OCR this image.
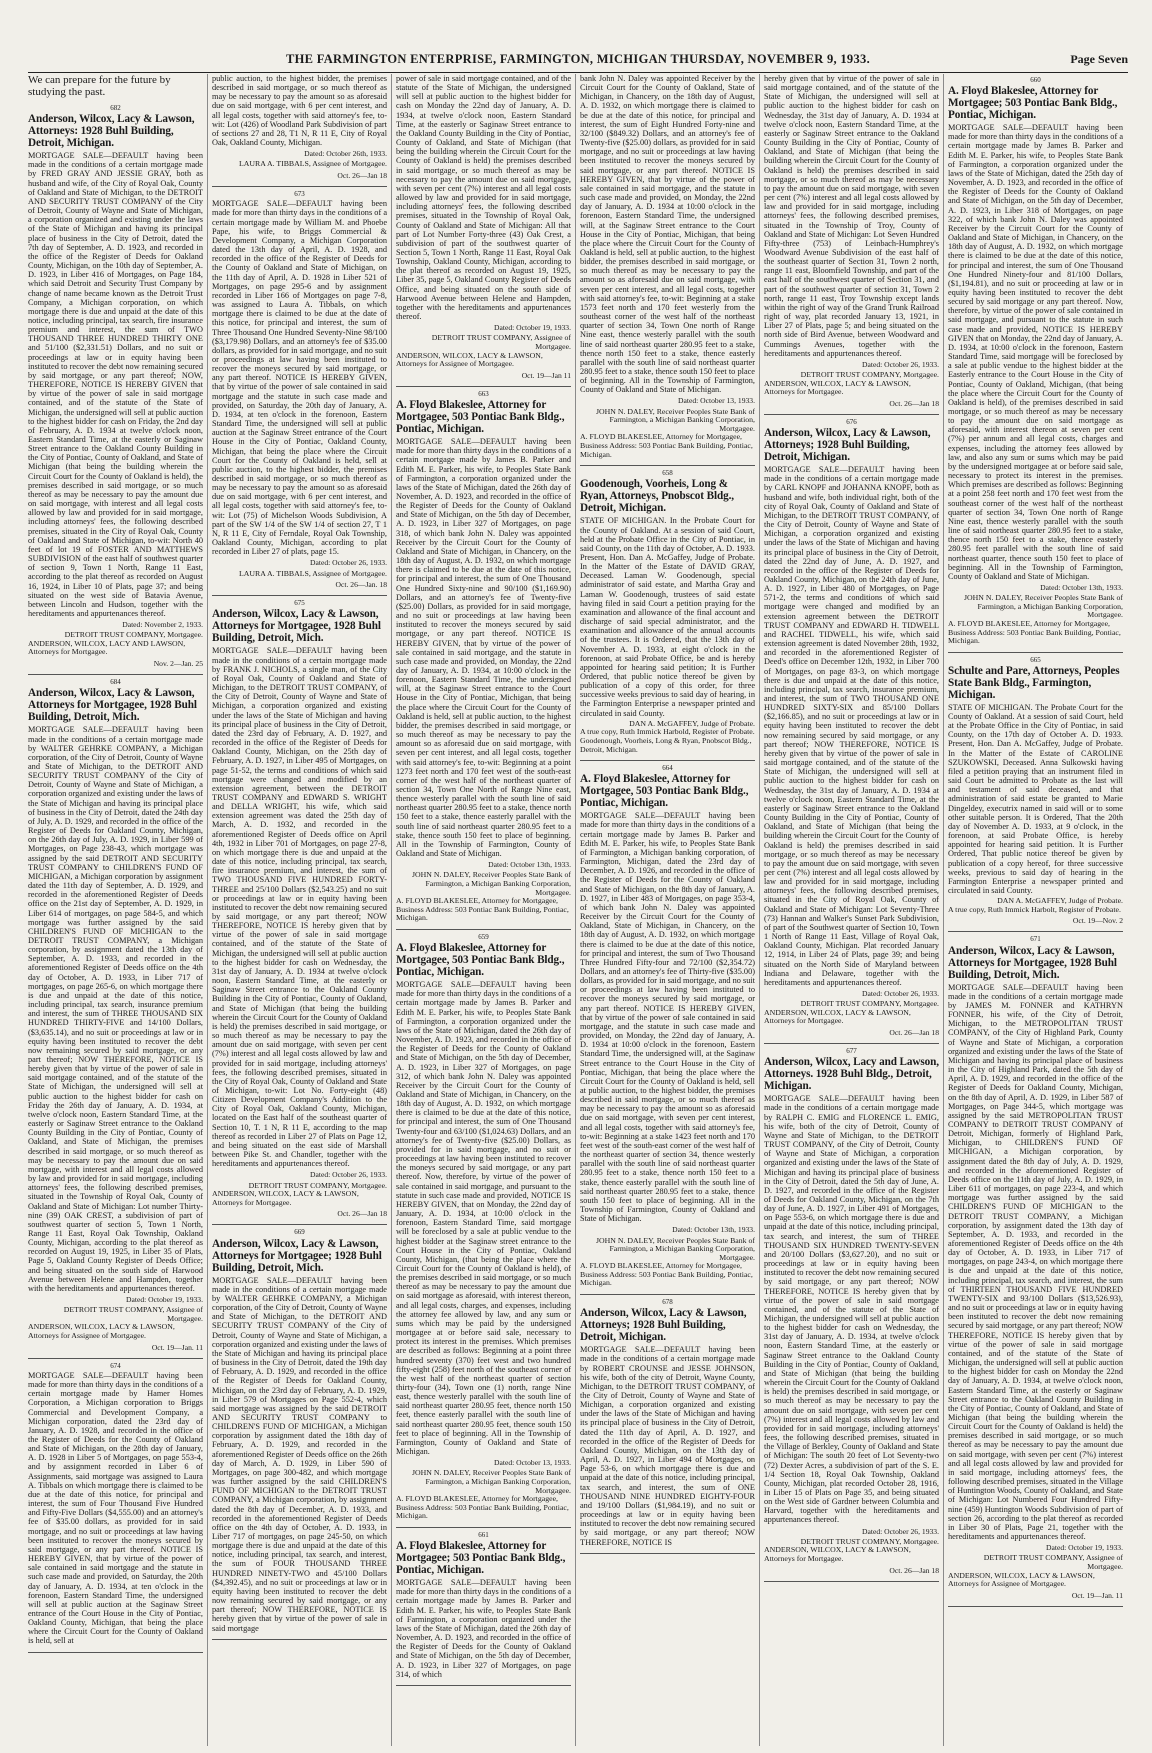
THE FARMINGTON ENTERPRISE, FARMINGTON, MICHIGAN THURSDAY, NOVEMBER 9, 1933.	Page Seven
We can prepare for the future by studying the past.
682
Anderson, Wilcox, Lacy & Lawson, Attorneys: 1928 Buhl Building, Detroit, Michigan.
MORTGAGE SALE—DEFAULT having been made in the conditions of a certain mortgage made by FRED GRAY AND JESSIE GRAY, both as husband and wife, of the City of Royal Oak, County of Oakland and State of Michigan, to the DETROIT AND SECURITY TRUST COMPANY of the City of Detroit, County of Wayne and State of Michigan, a corporation organized and existing under the laws of the State of Michigan and having its principal place of business in the City of Detroit, dated the 7th day of September, A. D. 1923, and recorded in the office of the Register of Deeds for Oakland County, Michigan, on the 10th day of September, A. D. 1923, in Liber 416 of Mortgages, on Page 184, which said Detroit and Security Trust Company by change of name became known as the Detroit Trust Company, a Michigan corporation, on which mortgage there is due and unpaid at the date of this notice, including principal, tax search, fire insurance premium and interest, the sum of TWO THOUSAND THREE HUNDRED THIRTY ONE and 51/100 ($2,331.51) Dollars, and no suit or proceedings at law or in equity having been instituted to recover the debt now remaining secured by said mortgage, or any part thereof; NOW, THEREFORE, NOTICE IS HEREBY GIVEN that by virtue of the power of sale in said mortgage contained, and of the statute of the State of Michigan, the undersigned will sell at public auction to the highest bidder for cash on Friday, the 2nd day of February, A. D. 1934 at twelve o'clock noon, Eastern Standard Time, at the easterly or Saginaw Street entrance to the Oakland County Building in the City of Pontiac, County of Oakland, and State of Michigan (that being the building wherein the Circuit Court for the County of Oakland is held), the premises described in said mortgage, or so much thereof as may be necessary to pay the amount due on said mortgage, with interest and all legal costs allowed by law and provided for in said mortgage, including attorneys' fees, the following described premises, situated in the City of Royal Oak, County of Oakland and State of Michigan, to-wit: North 40 feet of lot 19 of FOSTER AND MATTHEWS SUBDIVISION of the east half of southwest quarter of section 9, Town 1 North, Range 11 East, according to the plat thereof as recorded on August 16, 1924, in Liber 10 of Plats, page 37; and being situated on the west side of Batavia Avenue, between Lincoln and Hudson, together with the hereditaments and appurtenances thereof.
Dated: November 2, 1933.
DETROIT TRUST COMPANY, Mortgagee.
ANDERSON, WILCOX, LACY AND LAWSON, Attorneys for Mortgagee.
Nov. 2—Jan. 25
684
Anderson, Wilcox, Lacy & Lawson, Attorneys for Mortgagee, 1928 Buhl Building, Detroit, Mich.
MORTGAGE SALE—DEFAULT having been made in the conditions of a certain mortgage made by WALTER GEHRKE COMPANY, a Michigan corporation, of the City of Detroit, County of Wayne and State of Michigan, to the DETROIT AND SECURITY TRUST COMPANY of the City of Detroit, County of Wayne and State of Michigan, a corporation organized and existing under the laws of the State of Michigan and having its principal place of business in the City of Detroit, dated the 24th day of July, A. D. 1929, and recorded in the office of the Register of Deeds for Oakland County, Michigan, on the 26th day of July, A. D. 1929, in Liber 599 of Mortgages, on Page 238-43, which mortgage was assigned by the said DETROIT AND SECURITY TRUST COMPANY to CHILDREN'S FUND OF MICHIGAN, a Michigan corporation by assignment dated the 11th day of September, A. D. 1929, and recorded in the aforementioned Register of Deeds office on the 21st day of September, A. D. 1929, in Liber 614 of mortgages, on page 584-5, and which mortgage was further assigned by the said CHILDREN'S FUND OF MICHIGAN to the DETROIT TRUST COMPANY, a Michigan corporation, by assignment dated the 13th day of September, A. D. 1933, and recorded in the aforementioned Register of Deeds office on the 4th day of October, A. D. 1933, in Liber 717 of mortgages, on page 265-6, on which mortgage there is due and unpaid at the date of this notice, including principal, tax search, insurance premium and interest, the sum of THREE THOUSAND SIX HUNDRED THIRTY-FIVE and 14/100 Dollars, ($3,635.14), and no suit or proceedings at law or in equity having been instituted to recover the debt now remaining secured by said mortgage, or any part thereof; NOW THEREFORE, NOTICE IS hereby given that by virtue of the power of sale in said mortgage contained, and of the statute of the State of Michigan, the undersigned will sell at public auction to the highest bidder for cash on Friday the 26th day of January, A. D. 1934, at twelve o'clock noon, Eastern Standard Time, at the easterly or Saginaw Street entrance to the Oakland County Building in the City of Pontiac, County of Oakland, and State of Michigan, the premises described in said mortgage, or so much thereof as may be necessary to pay the amount due on said mortgage, with interest and all legal costs allowed by law and provided for in said mortgage, including attorneys' fees, the following described premises, situated in the Township of Royal Oak, County of Oakland and State of Michigan: Lot number Thirty-nine (39) OAK CREST, a subdivision of part of southwest quarter of section 5, Town 1 North, Range 11 East, Royal Oak Township, Oakland County, Michigan, according to the plat thereof as recorded on August 19, 1925, in Liber 35 of Plats, Page 5, Oakland County Register of Deeds Office; and being situated on the south side of Harwood Avenue between Helene and Hampden, together with the hereditaments and appurtenances thereof.
Dated: October 19, 1933.
DETROIT TRUST COMPANY, Assignee of Mortgagee.
ANDERSON, WILCOX, LACY & LAWSON, Attorneys for Assignee of Mortgagee.
Oct. 19—Jan. 11
674
MORTGAGE SALE—DEFAULT having been made for more than thirty days in the conditions of a certain mortgage made by Hamer Homes Corporation, a Michigan corporation to Briggs Commercial and Development Company, a Michigan corporation, dated the 23rd day of January, A. D. 1928, and recorded in the office of the Register of Deeds for the County of Oakland and State of Michigan, on the 28th day of January, A. D. 1928 in Liber 5 of Mortgages, on page 553-4, and by assignment recorded in Liber 6 of Assignments, said mortgage was assigned to Laura A. Tibbals on which mortgage there is claimed to be due at the date of this notice, for principal and interest, the sum of Four Thousand Five Hundred and Fifty-Five Dollars ($4,555.00) and an attorney's fee of $35.00 dollars, as provided for in said mortgage, and no suit or proceedings at law having been instituted to recover the moneys secured by said mortgage, or any part thereof. NOTICE IS HEREBY GIVEN, that by virtue of the power of sale contained in said mortgage and the statute in such case made and provided, on Saturday, the 20th day of January, A. D. 1934, at ten o'clock in the forenoon, Eastern Standard Time, the undersigned will sell at public auction at the Saginaw Street entrance of the Court House in the City of Pontiac, Oakland County, Michigan, that being the place where the Circuit Court for the County of Oakland is held, sell at
public auction, to the highest bidder, the premises described in said mortgage, or so much thereof as may be necessary to pay the amount so as aforesaid due on said mortgage, with 6 per cent interest, and all legal costs, together with said attorney's fee, to-wit: Lot (426) of Woodland Park Subdivision of part of sections 27 and 28, T1 N, R 11 E, City of Royal Oak, Oakland County, Michigan.
Dated: October 26th, 1933.
LAURA A. TIBBALS, Assignee of Mortgagee.
Oct. 26—Jan 18
673
MORTGAGE SALE—DEFAULT having been made for more than thirty days in the conditions of a certain mortgage made by William M. and Phoebe Pape, his wife, to Briggs Commercial & Development Company, a Michigan Corporation dated the 13th day of April, A. D. 1928, and recorded in the office of the Register of Deeds for the County of Oakland and State of Michigan, on the 11th day of April, A. D. 1928 in Liber 521 of Mortgages, on page 295-6 and by assignment recorded in Liber 166 of Mortgages on page 7-8, was assigned to Laura A. Tibbals, on which mortgage there is claimed to be due at the date of this notice, for principal and interest, the sum of Three Thousand One Hundred Seventy-Nine 98/100 ($3,179.98) Dollars, and an attorney's fee of $35.00 dollars, as provided for in said mortgage, and no suit or proceedings at law having been instituted to recover the moneys secured by said mortgage, or any part thereof. NOTICE IS HEREBY GIVEN, that by virtue of the power of sale contained in said mortgage and the statute in such case made and provided, on Saturday, the 20th day of January, A. D. 1934, at ten o'clock in the forenoon, Eastern Standard Time, the undersigned will sell at public auction at the Saginaw Street entrance of the Court House in the City of Pontiac, Oakland County, Michigan, that being the place where the Circuit Court for the County of Oakland is held, sell at public auction, to the highest bidder, the premises described in said mortgage, or so much thereof as may be necessary to pay the amount so as aforesaid due on said mortgage, with 6 per cent interest, and all legal costs, together with said attorney's fee, to-wit: Lot (75) of Michelson Woods Subdivision, A part of the SW 1/4 of the SW 1/4 of section 27, T 1 N, R 11 E, City of Ferndale, Royal Oak Township, Oakland County, Michigan, according to plat recorded in Liber 27 of plats, page 15.
Dated: October 26, 1933.
LAURA A. TIBBALS, Assignee of Mortgagee.
Oct. 26—Jan. 18
675
Anderson, Wilcox, Lacy & Lawson, Attorneys for Mortgagee, 1928 Buhl Building, Detroit, Mich.
MORTGAGE SALE—DEFAULT having been made in the conditions of a certain mortgage made by FRANK J. NICHOLS, a single man, of the City of Royal Oak, County of Oakland and State of Michigan, to the DETROIT TRUST COMPANY, of the City of Detroit, County of Wayne and State of Michigan, a corporation organized and existing under the laws of the State of Michigan and having its principal place of business in the City of Detroit, dated the 23rd day of February, A. D. 1927, and recorded in the office of the Register of Deeds for Oakland County, Michigan, on the 25th day of February, A. D. 1927, in Liber 495 of Mortgages, on page 51-52, the terms and conditions of which said mortgage were changed and modified by an extension agreement, between the DETROIT TRUST COMPANY and EDWARD S. WRIGHT and DELLA WRIGHT, his wife, which said extension agreement was dated the 25th day of March, A. D. 1932, and recorded in the aforementioned Register of Deeds office on April 4th, 1932 in Liber 701 of Mortgages, on page 27-8, on which mortgage there is due and unpaid at the date of this notice, including principal, tax search, fire insurance premium, and interest, the sum of TWO THOUSAND FIVE HUNDRED FORTY-THREE and 25/100 Dollars ($2,543.25) and no suit or proceedings at law or in equity having been instituted to recover the debt now remaining secured by said mortgage, or any part thereof; NOW THEREFORE, NOTICE IS hereby given that by virtue of the power of sale in said mortgage contained, and of the statute of the State of Michigan, the undersigned will sell at public auction to the highest bidder for cash on Wednesday, the 31st day of January, A. D. 1934 at twelve o'clock noon, Eastern Standard Time, at the easterly or Saginaw Street entrance to the Oakland County Building in the City of Pontiac, County of Oakland, and State of Michigan (that being the building wherein the Circuit Court for the County of Oakland is held) the premises described in said mortgage, or so much thereof as may be necessary to pay the amount due on said mortgage, with seven per cent (7%) interest and all legal costs allowed by law and provided for in said mortgage, including attorneys' fees, the following described premises, situated in the City of Royal Oak, County of Oakland and State of Michigan, to-wit: Lot No. Forty-eight (48) Citizen Development Company's Addition to the City of Royal Oak, Oakland County, Michigan, located on the East half of the southeast quarter of Section 10, T. 1 N, R 11 E, according to the map thereof as recorded in Liber 27 of Plats on Page 12, and being situated on the east side of Marshall between Pike St. and Chandler, together with the hereditaments and appurtenances thereof.
Dated: October 26, 1933.
DETROIT TRUST COMPANY, Mortgagee.
ANDERSON, WILCOX, LACY & LAWSON, Attorneys for Mortgagee.
Oct. 26—Jan 18
669
Anderson, Wilcox, Lacy & Lawson, Attorneys for Mortgagee; 1928 Buhl Building, Detroit, Mich.
MORTGAGE SALE—DEFAULT having been made in the conditions of a certain mortgage made by WALTER GEHRKE COMPANY, a Michigan corporation, of the City of Detroit, County of Wayne and State of Michigan, to the DETROIT AND SECURITY TRUST COMPANY of the City of Detroit, County of Wayne and State of Michigan, a corporation organized and existing under the laws of the State of Michigan and having its principal place of business in the City of Detroit, dated the 19th day of February, A. D. 1929, and recorded in the office of the Register of Deeds for Oakland County, Michigan, on the 23rd day of February, A. D. 1929, in Liber 579 of Mortgages on Page 552-4, which said mortgage was assigned by the said DETROIT AND SECURITY TRUST COMPANY to CHILDREN'S FUND OF MICHIGAN, a Michigan corporation by assignment dated the 18th day of February, A. D. 1929, and recorded in the aforementioned Register of Deeds office on the 26th day of March, A. D. 1929, in Liber 590 of Mortgages, on page 300-482, and which mortgage was further assigned by the said CHILDREN'S FUND OF MICHIGAN to the DETROIT TRUST COMPANY, a Michigan corporation, by assignment dated the 8th day of December, A. D. 1933, and recorded in the aforementioned Register of Deeds office on the 4th day of October, A. D. 1933, in Liber 717 of mortgages, on page 245-50, on which mortgage there is due and unpaid at the date of this notice, including principal, tax search, and interest, the sum of FOUR THOUSAND THREE HUNDRED NINETY-TWO and 45/100 Dollars ($4,392.45), and no suit or proceedings at law or in equity having been instituted to recover the debt now remaining secured by said mortgage, or any part thereof; NOW THEREFORE, NOTICE IS hereby given that by virtue of the power of sale in said mortgage
power of sale in said mortgage contained, and of the statute of the State of Michigan, the undersigned will sell at public auction to the highest bidder for cash on Monday the 22nd day of January, A. D. 1934, at twelve o'clock noon, Eastern Standard Time, at the easterly or Saginaw Street entrance to the Oakland County Building in the City of Pontiac, County of Oakland, and State of Michigan (that being the building wherein the Circuit Court for the County of Oakland is held) the premises described in said mortgage, or so much thereof as may be necessary to pay the amount due on said mortgage, with seven per cent (7%) interest and all legal costs allowed by law and provided for in said mortgage, including attorneys' fees, the following described premises, situated in the Township of Royal Oak, County of Oakland and State of Michigan: All that part of Lot Number Forty-three (43) Oak Crest, a subdivision of part of the southwest quarter of Section 5, Town 1 North, Range 11 East, Royal Oak Township, Oakland County, Michigan, according to the plat thereof as recorded on August 19, 1925, Liber 35, page 5, Oakland County Register of Deeds Office, and being situated on the south side of Harwood Avenue between Helene and Hampden, together with the hereditaments and appurtenances thereof.
Dated: October 19, 1933.
DETROIT TRUST COMPANY, Assignee of Mortgagee.
ANDERSON, WILCOX, LACY & LAWSON, Attorneys for Assignee of Mortgagee.
Oct. 19—Jan 11
663
A. Floyd Blakeslee, Attorney for Mortgagee, 503 Pontiac Bank Bldg., Pontiac, Michigan.
MORTGAGE SALE—DEFAULT having been made for more than thirty days in the conditions of a certain mortgage made by James B. Parker and Edith M. E. Parker, his wife, to Peoples State Bank of Farmington, a corporation organized under the laws of the State of Michigan, dated the 26th day of November, A. D. 1923, and recorded in the office of the Register of Deeds for the County of Oakland and State of Michigan, on the 5th day of December, A. D. 1923, in Liber 327 of Mortgages, on page 318, of which bank John N. Daley was appointed Receiver by the Circuit Court for the County of Oakland and State of Michigan, in Chancery, on the 18th day of August, A. D. 1932, on which mortgage there is claimed to be due at the date of this notice, for principal and interest, the sum of One Thousand One Hundred Sixty-nine and 90/100 ($1,169.90) Dollars, and an attorney's fee of Twenty-five ($25.00) Dollars, as provided for in said mortgage, and no suit or proceedings at law having been instituted to recover the moneys secured by said mortgage, or any part thereof. NOTICE IS HEREBY GIVEN, that by virtue of the power of sale contained in said mortgage, and the statute in such case made and provided, on Monday, the 22nd day of January, A. D. 1934, at 10:00 o'clock in the forenoon, Eastern Standard Time, the undersigned will, at the Saginaw Street entrance to the Court House in the City of Pontiac, Michigan, that being the place where the Circuit Court for the County of Oakland is held, sell at public auction, to the highest bidder, the premises described in said mortgage, or so much thereof as may be necessary to pay the amount so as aforesaid due on said mortgage, with seven per cent interest, and all legal costs, together with said attorney's fee, to-wit: Beginning at a point 1273 feet north and 170 feet west of the south-east corner of the west half of the northeast quarter of section 34, Town One North of Range Nine east, thence westerly parallel with the south line of said northeast quarter 280.95 feet to a stake, thence north 150 feet to a stake, thence easterly parallel with the south line of said northeast quarter 280.95 feet to a stake, thence south 150 feet to place of beginning. All in the Township of Farmington, County of Oakland and State of Michigan.
Dated: October 13th, 1933.
JOHN N. DALEY, Receiver Peoples State Bank of Farmington, a Michigan Banking Corporation, Mortgagee.
A. FLOYD BLAKESLEE, Attorney for Mortgagee, Business Address: 503 Pontiac Bank Building, Pontiac, Michigan.
659
A. Floyd Blakeslee, Attorney for Mortgagee, 503 Pontiac Bank Bldg., Pontiac, Michigan.
MORTGAGE SALE—DEFAULT having been made for more than thirty days in the conditions of a certain mortgage made by James B. Parker and Edith M. E. Parker, his wife, to Peoples State Bank of Farmington, a corporation organized under the laws of the State of Michigan, dated the 26th day of November, A. D. 1923, and recorded in the office of the Register of Deeds for the County of Oakland and State of Michigan, on the 5th day of December, A. D. 1923, in Liber 327 of Mortgages, on page 312, of which bank John N. Daley was appointed Receiver by the Circuit Court for the County of Oakland and State of Michigan, in Chancery, on the 18th day of August, A. D. 1932, on which mortgage there is claimed to be due at the date of this notice, for principal and interest, the sum of One Thousand Twenty-four and 63/100 ($1,024.63) Dollars, and an attorney's fee of Twenty-five ($25.00) Dollars, as provided for in said mortgage, and no suit or proceedings at law having been instituted to recover the moneys secured by said mortgage, or any part thereof. Now, therefore, by virtue of the power of sale contained in said mortgage, and pursuant to the statute in such case made and provided, NOTICE IS HEREBY GIVEN, that on Monday, the 22nd day of January, A. D. 1934, at 10:00 o'clock in the forenoon, Eastern Standard Time, said mortgage will be foreclosed by a sale at public vendue to the highest bidder at the Saginaw street entrance to the Court House in the City of Pontiac, Oakland County, Michigan, (that being the place where the Circuit Court for the County of Oakland is held), of the premises described in said mortgage, or so much thereof as may be necessary to pay the amount due on said mortgage as aforesaid, with interest thereon, and all legal costs, charges, and expenses, including the attorney fee allowed by law, and any sum or sums which may be paid by the undersigned mortgagee at or before said sale, necessary to protect its interest in the premises. Which premises are described as follows: Beginning at a point three hundred seventy (370) feet west and two hundred fifty-eight (258) feet north of the southeast corner of the west half of the northeast quarter of section thirty-four (34), Town one (1) north, range Nine east, thence westerly parallel with the south line of said northeast quarter 280.95 feet, thence north 150 feet, thence easterly parallel with the south line of said northeast quarter 280.95 feet, thence south 150 feet to place of beginning. All in the Township of Farmington, County of Oakland and State of Michigan.
Dated: October 13, 1933.
JOHN N. DALEY, Receiver Peoples State Bank of Farmington, a Michigan Banking Corporation, Mortgagee.
A. FLOYD BLAKESLEE, Attorney for Mortgagee, Business Address: 503 Pontiac Bank Building, Pontiac, Michigan.
661
A. Floyd Blakeslee, Attorney for Mortgagee; 503 Pontiac Bank Bldg., Pontiac, Michigan.
MORTGAGE SALE—DEFAULT having been made for more than thirty days in the conditions of a certain mortgage made by James B. Parker and Edith M. E. Parker, his wife, to Peoples State Bank of Farmington, a corporation organized under the laws of the State of Michigan, dated the 26th day of November, A. D. 1923, and recorded in the office of the Register of Deeds for the County of Oakland and State of Michigan, on the 5th day of December, A. D. 1923, in Liber 327 of Mortgages, on page 314, of which
bank John N. Daley was appointed Receiver by the Circuit Court for the County of Oakland, State of Michigan, in Chancery, on the 18th day of August, A. D. 1932, on which mortgage there is claimed to be due at the date of this notice, for principal and interest, the sum of Eight Hundred Forty-nine and 32/100 ($849.32) Dollars, and an attorney's fee of Twenty-five ($25.00) dollars, as provided for in said mortgage, and no suit or proceedings at law having been instituted to recover the moneys secured by said mortgage, or any part thereof. NOTICE IS HEREBY GIVEN, that by virtue of the power of sale contained in said mortgage, and the statute in such case made and provided, on Monday, the 22nd day of January, A. D. 1934 at 10:00 o'clock in the forenoon, Eastern Standard Time, the undersigned will, at the Saginaw Street entrance to the Court House in the City of Pontiac, Michigan, that being the place where the Circuit Court for the County of Oakland is held, sell at public auction, to the highest bidder, the premises described in said mortgage, or so much thereof as may be necessary to pay the amount so as aforesaid due on said mortgage, with seven per cent interest, and all legal costs, together with said attorney's fee, to-wit: Beginning at a stake 1573 feet north and 170 feet westerly from the southeast corner of the west half of the northeast quarter of section 34, Town One north of Range Nine east, thence westerly parallel with the south line of said northeast quarter 280.95 feet to a stake, thence north 150 feet to a stake, thence easterly parallel with the south line of said northeast quarter 280.95 feet to a stake, thence south 150 feet to place of beginning. All in the Township of Farmington, County of Oakland and State of Michigan.
Dated: October 13, 1933.
JOHN N. DALEY, Receiver Peoples State Bank of Farmington, a Michigan Banking Corporation, Mortgagee.
A. FLOYD BLAKESLEE, Attorney for Mortgagee, Business Address: 503 Pontiac Bank Building, Pontiac, Michigan.
658
Goodenough, Voorheis, Long & Ryan, Attorneys, Pnobscot Bldg., Detroit, Michigan.
STATE OF MICHIGAN. In the Probate Court for the County of Oakland. At a session of said Court, held at the Probate Office in the City of Pontiac, in said County, on the 11th day of October, A. D. 1933. Present, Hon. Dan A. McGaffey, Judge of Probate. In the Matter of the Estate of DAVID GRAY, Deceased. Laman W. Goodenough, special administrator of said estate, and Martha Gray and Laman W. Goodenough, trustees of said estate having filed in said Court a petition praying for the examination and allowance of the final account and discharge of said special administrator, and the examination and allowance of the annual accounts of the trustees. It is Ordered, that the 13th day of November A. D. 1933, at eight o'clock in the forenoon, at said Probate Office, be and is hereby appointed for hearing said petition; It is Further Ordered, that public notice thereof be given by publication of a copy of this order, for three successive weeks previous to said day of hearing, in the Farmington Enterprise a newspaper printed and circulated in said County.
DAN A. McGAFFEY, Judge of Probate.
A true copy, Ruth Immick Harbold, Register of Probate. Goodenough, Voorheis, Long & Ryan, Pnobscot Bldg., Detroit, Michigan.
664
A. Floyd Blakeslee, Attorney for Mortgagee, 503 Pontiac Bank Bldg., Pontiac, Michigan.
MORTGAGE SALE—DEFAULT having been made for more than thirty days in the conditions of a certain mortgage made by James B. Parker and Edith M. E. Parker, his wife, to Peoples State Bank of Farmington, a Michigan banking corporation, of Farmington, Michigan, dated the 23rd day of December, A. D. 1926, and recorded in the office of the Register of Deeds for the County of Oakland and State of Michigan, on the 8th day of January, A. D. 1927, in Liber 483 of Mortgages, on page 353-4, of which bank John N. Daley was appointed Receiver by the Circuit Court for the County of Oakland, State of Michigan, in Chancery, on the 18th day of August, A. D. 1932, on which mortgage there is claimed to be due at the date of this notice, for principal and interest, the sum of Two Thousand Three Hundred Fifty-four and 72/100 ($2,354.72) Dollars, and an attorney's fee of Thirty-five ($35.00) dollars, as provided for in said mortgage, and no suit or proceedings at law having been instituted to recover the moneys secured by said mortgage, or any part thereof. NOTICE IS HEREBY GIVEN, that by virtue of the power of sale contained in said mortgage, and the statute in such case made and provided, on Monday, the 22nd day of January, A. D. 1934 at 10:00 o'clock in the forenoon, Eastern Standard Time, the undersigned will, at the Saginaw Street entrance to the Court House in the City of Pontiac, Michigan, that being the place where the Circuit Court for the County of Oakland is held, sell at public auction, to the highest bidder, the premises described in said mortgage, or so much thereof as may be necessary to pay the amount so as aforesaid due on said mortgage, with seven per cent interest, and all legal costs, together with said attorney's fee, to-wit: Beginning at a stake 1423 feet north and 170 feet west of the south-east corner of the west half of the northeast quarter of section 34, thence westerly parallel with the south line of said northeast quarter 280.95 feet to a stake, thence north 150 feet to a stake, thence easterly parallel with the south line of said northeast quarter 280.95 feet to a stake, thence south 150 feet to place of beginning. All in the Township of Farmington, County of Oakland and State of Michigan.
Dated: October 13th, 1933.
JOHN N. DALEY, Receiver Peoples State Bank of Farmington, a Michigan Banking Corporation, Mortgagee.
A. FLOYD BLAKESLEE, Attorney for Mortgagee, Business Address: 503 Pontiac Bank Building, Pontiac, Michigan.
678
Anderson, Wilcox, Lacy & Lawson, Attorneys; 1928 Buhl Building, Detroit, Michigan.
MORTGAGE SALE—DEFAULT having been made in the conditions of a certain mortgage made by ROBERT CROUNSE and JESSE JOHNSON, his wife, both of the city of Detroit, Wayne County, Michigan, to the DETROIT TRUST COMPANY, of the City of Detroit, County of Wayne and State of Michigan, a corporation organized and existing under the laws of the State of Michigan and having its principal place of business in the City of Detroit, dated the 11th day of April, A. D. 1927, and recorded in the office of the Register of Deeds for Oakland County, Michigan, on the 13th day of April, A. D. 1927, in Liber 494 of Mortgages, on Page 53-6, on which mortgage there is due and unpaid at the date of this notice, including principal, tax search, and interest, the sum of ONE THOUSAND NINE HUNDRED EIGHTY-FOUR and 19/100 Dollars ($1,984.19), and no suit or proceedings at law or in equity having been instituted to recover the debt now remaining secured by said mortgage, or any part thereof; NOW THEREFORE, NOTICE IS
hereby given that by virtue of the power of sale in said mortgage contained, and of the statute of the State of Michigan, the undersigned will sell at public auction to the highest bidder for cash on Wednesday, the 31st day of January, A. D. 1934 at twelve o'clock noon, Eastern Standard Time, at the easterly or Saginaw Street entrance to the Oakland County Building in the City of Pontiac, County of Oakland, and State of Michigan (that being the building wherein the Circuit Court for the County of Oakland is held) the premises described in said mortgage, or so much thereof as may be necessary to pay the amount due on said mortgage, with seven per cent (7%) interest and all legal costs allowed by law and provided for in said mortgage, including attorneys' fees, the following described premises, situated in the Township of Troy, County of Oakland and State of Michigan: Lot Seven Hundred Fifty-three (753) of Leinbach-Humphrey's Woodward Avenue Subdivision of the east half of the southeast quarter of Section 31, Town 2 north, range 11 east, Bloomfield Township, and part of the east half of the southwest quarter of Section 31, and part of the southwest quarter of section 31, Town 2 north, range 11 east, Troy Township except lands within the right of way of the Grand Trunk Railroad right of way, plat recorded January 13, 1921, in Liber 27 of Plats, page 5; and being situated on the north side of Bird Avenue, between Woodward and Cummings Avenues, together with the hereditaments and appurtenances thereof.
Dated: October 26, 1933.
DETROIT TRUST COMPANY, Mortgagee.
ANDERSON, WILCOX, LACY & LAWSON, Attorneys for Mortgagee.
Oct. 26—Jan 18
676
Anderson, Wilcox, Lacy & Lawson, Attorneys; 1928 Buhl Building, Detroit, Michigan.
MORTGAGE SALE—DEFAULT having been made in the conditions of a certain mortgage made by CARL KNOPF and JOHANNA KNOPF, both as husband and wife, both individual right, both of the city of Royal Oak, County of Oakland and State of Michigan, to the DETROIT TRUST COMPANY, of the City of Detroit, County of Wayne and State of Michigan, a corporation organized and existing under the laws of the State of Michigan and having its principal place of business in the City of Detroit, dated the 22nd day of June, A. D. 1927, and recorded in the office of the Register of Deeds for Oakland County, Michigan, on the 24th day of June, A. D. 1927, in Liber 480 of Mortgages, on Page 571-2, the terms and conditions of which said mortgage were changed and modified by an extension agreement between the DETROIT TRUST COMPANY and EDWARD H. TIDWELL and RACHEL TIDWELL, his wife, which said extension agreement is dated November 28th, 1932, and recorded in the aforementioned Register of Deed's office on December 12th, 1932, in Liber 700 of Mortgages, on page 83-3, on which mortgage there is due and unpaid at the date of this notice, including principal, tax search, insurance premium, and interest, the sum of TWO THOUSAND ONE HUNDRED SIXTY-SIX and 85/100 Dollars ($2,166.85), and no suit or proceedings at law or in equity having been instituted to recover the debt now remaining secured by said mortgage, or any part thereof; NOW THEREFORE, NOTICE IS hereby given that by virtue of the power of sale in said mortgage contained, and of the statute of the State of Michigan, the undersigned will sell at public auction to the highest bidder for cash on Wednesday, the 31st day of January, A. D. 1934 at twelve o'clock noon, Eastern Standard Time, at the easterly or Saginaw Street entrance to the Oakland County Building in the City of Pontiac, County of Oakland, and State of Michigan (that being the building wherein the Circuit Court for the County of Oakland is held) the premises described in said mortgage, or so much thereof as may be necessary to pay the amount due on said mortgage, with seven per cent (7%) interest and all legal costs allowed by law and provided for in said mortgage, including attorneys' fees, the following described premises, situated in the City of Royal Oak, County of Oakland and State of Michigan: Lot Seventy-Three (73) Hannan and Walker's Sunset Park Subdivision, of part of the Southwest quarter of Section 10, Town 1 North of Range 11 East, Village of Royal Oak, Oakland County, Michigan. Plat recorded January 12, 1914, in Liber 24 of Plats, page 39; and being situated on the North Side of Maryland between Indiana and Delaware, together with the hereditaments and appurtenances thereof.
Dated: October 26, 1933.
DETROIT TRUST COMPANY, Mortgagee.
ANDERSON, WILCOX, LACY & LAWSON, Attorneys for Mortgagee.
Oct. 26—Jan 18
677
Anderson, Wilcox, Lacy and Lawson, Attorneys. 1928 Buhl Bldg., Detroit, Michigan.
MORTGAGE SALE—DEFAULT having been made in the conditions of a certain mortgage made by RALPH C. EMIG and FLORENCE L. EMIG, his wife, both of the city of Detroit, County of Wayne and State of Michigan, to the DETROIT TRUST COMPANY, of the City of Detroit, County of Wayne and State of Michigan, a corporation organized and existing under the laws of the State of Michigan and having its principal place of business in the City of Detroit, dated the 5th day of June, A. D. 1927, and recorded in the office of the Register of Deeds for Oakland County, Michigan, on the 7th day of June, A. D. 1927, in Liber 491 of Mortgages, on Page 553-6, on which mortgage there is due and unpaid at the date of this notice, including principal, tax search, and interest, the sum of THREE THOUSAND SIX HUNDRED TWENTY-SEVEN and 20/100 Dollars ($3,627.20), and no suit or proceedings at law or in equity having been instituted to recover the debt now remaining secured by said mortgage, or any part thereof; NOW THEREFORE, NOTICE IS hereby given that by virtue of the power of sale in said mortgage contained, and of the statute of the State of Michigan, the undersigned will sell at public auction to the highest bidder for cash on Wednesday, the 31st day of January, A. D. 1934, at twelve o'clock noon, Eastern Standard Time, at the easterly or Saginaw Street entrance to the Oakland County Building in the City of Pontiac, County of Oakland, and State of Michigan (that being the building wherein the Circuit Court for the County of Oakland is held) the premises described in said mortgage, or so much thereof as may be necessary to pay the amount due on said mortgage, with seven per cent (7%) interest and all legal costs allowed by law and provided for in said mortgage, including attorneys' fees, the following described premises, situated in the Village of Berkley, County of Oakland and State of Michigan: The south 20 feet of Lot Seventy-two (72) Dexter Acres, a subdivision of part of the S. E. 1/4 Section 18, Royal Oak Township, Oakland County, Michigan, plat recorded October 28, 1916, in Liber 15 of Plats on Page 35, and being situated on the West side of Gardner between Columbia and Harvard, together with the hereditaments and appurtenances thereof.
Dated: October 26, 1933.
DETROIT TRUST COMPANY, Mortgagee.
ANDERSON, WILCOX, LACY & LAWSON, Attorneys for Mortgagee.
Oct. 26—Jan 18
660
A. Floyd Blakeslee, Attorney for Mortgagee; 503 Pontiac Bank Bldg., Pontiac, Michigan.
MORTGAGE SALE—DEFAULT having been made for more than thirty days in the conditions of a certain mortgage made by James B. Parker and Edith M. E. Parker, his wife, to Peoples State Bank of Farmington, a corporation organized under the laws of the State of Michigan, dated the 25th day of November, A. D. 1923, and recorded in the office of the Register of Deeds for the County of Oakland and State of Michigan, on the 5th day of December, A. D. 1923, in Liber 318 of Mortgages, on page 322, of which bank John N. Daley was appointed Receiver by the Circuit Court for the County of Oakland and State of Michigan, in Chancery, on the 18th day of August, A. D. 1932, on which mortgage there is claimed to be due at the date of this notice, for principal and interest, the sum of One Thousand One Hundred Ninety-four and 81/100 Dollars, ($1,194.81), and no suit or proceeding at law or in equity having been instituted to recover the debt secured by said mortgage or any part thereof. Now, therefore, by virtue of the power of sale contained in said mortgage, and pursuant to the statute in such case made and provided, NOTICE IS HEREBY GIVEN that on Monday, the 22nd day of January, A. D. 1934, at 10:00 o'clock in the forenoon, Eastern Standard Time, said mortgage will be foreclosed by a sale at public vendue to the highest bidder at the Easterly entrance to the Court House in the City of Pontiac, County of Oakland, Michigan, (that being the place where the Circuit Court for the County of Oakland is held), of the premises described in said mortgage, or so much thereof as may be necessary to pay the amount due on said mortgage as aforesaid, with interest thereon at seven per cent (7%) per annum and all legal costs, charges and expenses, including the attorney fees allowed by law, and also any sum or sums which may be paid by the undersigned mortgagee at or before said sale, necessary to protect its interest in the premises. Which premises are described as follows: Beginning at a point 258 feet north and 170 feet west from the southeast corner of the west half of the northeast quarter of section 34, Town One north of Range Nine east, thence westerly parallel with the south line of said northeast quarter 280.95 feet to a stake, thence north 150 feet to a stake, thence easterly 280.95 feet parallel with the south line of said northeast quarter, thence south 150 feet to place of beginning. All in the Township of Farmington, County of Oakland and State of Michigan.
Dated: October 13th, 1933.
JOHN N. DALEY, Receiver Peoples State Bank of Farmington, a Michigan Banking Corporation, Mortgagee.
A. FLOYD BLAKESLEE, Attorney for Mortgagee, Business Address: 503 Pontiac Bank Building, Pontiac, Michigan.
665
Schulte and Pare, Attorneys, Peoples State Bank Bldg., Farmington, Michigan.
STATE OF MICHIGAN. The Probate Court for the County of Oakland. At a session of said Court, held at the Probate Office in the City of Pontiac, in said County, on the 17th day of October A. D. 1933. Present, Hon. Dan A. McGaffey, Judge of Probate. In the Matter of the Estate of CAROLINE SZUKOWSKI, Deceased. Anna Sulkowski having filed a petition praying that an instrument filed in said Court be admitted to Probate as the last will and testament of said deceased, and that administration of said estate be granted to Marie Dingeldey, executrix named in said will or to some other suitable person. It is Ordered, That the 20th day of November A. D. 1933, at 9 o'clock, in the forenoon, at said Probate Office, is hereby appointed for hearing said petition. It is Further Ordered, That public notice thereof be given by publication of a copy hereof, for three successive weeks, previous to said day of hearing in the Farmington Enterprise a newspaper printed and circulated in said County.
DAN A. McGAFFEY, Judge of Probate.
A true copy, Ruth Immick Harbolt, Register of Probate.
Oct. 19—Nov. 2
671
Anderson, Wilcox, Lacy & Lawson, Attorneys for Mortgagee, 1928 Buhl Building, Detroit, Mich.
MORTGAGE SALE—DEFAULT having been made in the conditions of a certain mortgage made by JAMES M. FONNER and KATHRYN FONNER, his wife, of the City of Detroit, Michigan, to the METROPOLITAN TRUST COMPANY, of the City of Highland Park, County of Wayne and State of Michigan, a corporation organized and existing under the laws of the State of Michigan and having its principal place of business in the City of Highland Park, dated the 5th day of April, A. D. 1929, and recorded in the office of the Register of Deeds for Oakland County, Michigan, on the 8th day of April, A. D. 1929, in Liber 587 of Mortgages, on Page 344-5, which mortgage was assigned by the said METROPOLITAN TRUST COMPANY to DETROIT TRUST COMPANY of Detroit, Michigan, formerly of Highland Park, Michigan, to CHILDREN'S FUND OF MICHIGAN, a Michigan corporation, by assignment dated the 8th day of July, A. D. 1929, and recorded in the aforementioned Register of Deeds office on the 11th day of July, A. D. 1929, in Liber 611 of mortgages, on page 223-4, and which mortgage was further assigned by the said CHILDREN'S FUND OF MICHIGAN to the DETROIT TRUST COMPANY, a Michigan corporation, by assignment dated the 13th day of September, A. D. 1933, and recorded in the aforementioned Register of Deeds office on the 4th day of October, A. D. 1933, in Liber 717 of mortgages, on page 243-4, on which mortgage there is due and unpaid at the date of this notice, including principal, tax search, and interest, the sum of THIRTEEN THOUSAND FIVE HUNDRED TWENTY-SIX and 93/100 Dollars ($13,526.93), and no suit or proceedings at law or in equity having been instituted to recover the debt now remaining secured by said mortgage, or any part thereof; NOW THEREFORE, NOTICE IS hereby given that by virtue of the power of sale in said mortgage contained, and of the statute of the State of Michigan, the undersigned will sell at public auction to the highest bidder for cash on Monday the 22nd day of January, A. D. 1934, at twelve o'clock noon, Eastern Standard Time, at the easterly or Saginaw Street entrance to the Oakland County Building in the City of Pontiac, County of Oakland, and State of Michigan (that being the building wherein the Circuit Court for the County of Oakland is held) the premises described in said mortgage, or so much thereof as may be necessary to pay the amount due on said mortgage, with seven per cent (7%) interest and all legal costs allowed by law and provided for in said mortgage, including attorneys' fees, the following described premises, situated in the Village of Huntington Woods, County of Oakland, and State of Michigan: Lot Numbered Four Hundred Fifty-nine (459) Huntington Woods Subdivision of part of section 26, according to the plat thereof as recorded in Liber 30 of Plats, Page 21, together with the hereditaments and appurtenances thereof.
Dated: October 19, 1933.
DETROIT TRUST COMPANY, Assignee of Mortgagee.
ANDERSON, WILCOX, LACY & LAWSON, Attorneys for Assignee of Mortgagee.
Oct. 19—Jan. 11
